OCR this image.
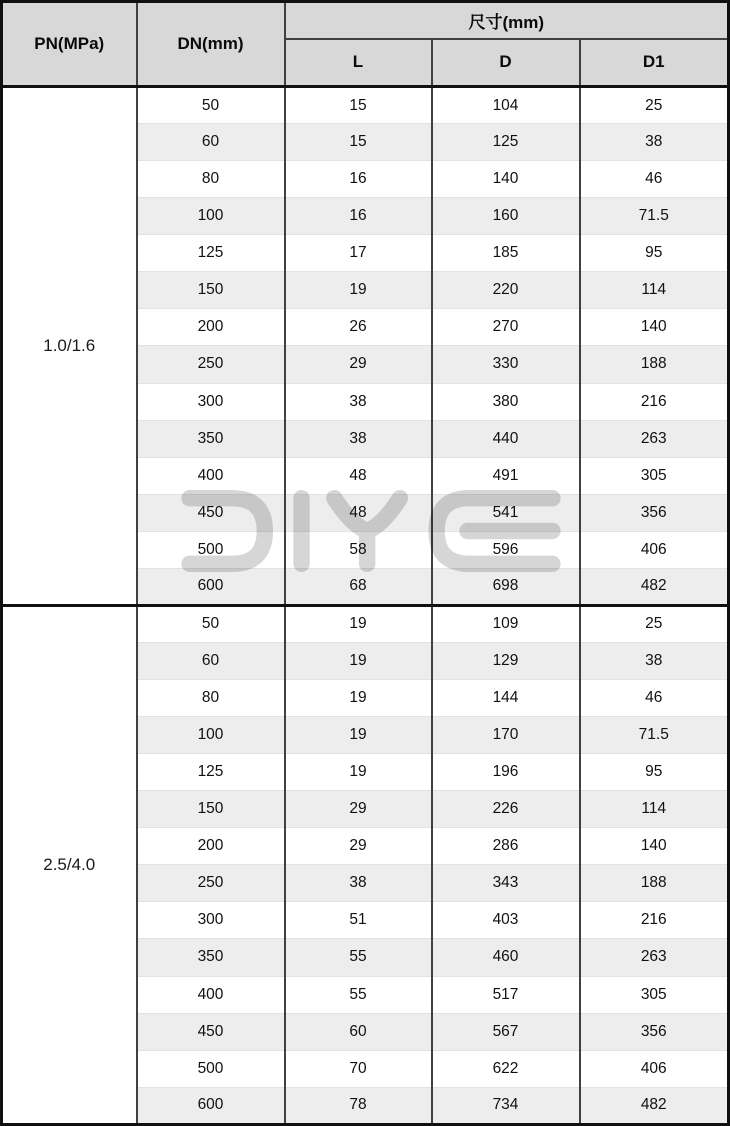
PN(MPa)	DN(mm)	尺寸(mm)		
		L	D	D1
1.0/1.6	50	15	104	25
	60	15	125	38
	80	16	140	46
	100	16	160	71.5
	125	17	185	95
	150	19	220	114
	200	26	270	140
	250	29	330	188
	300	38	380	216
	350	38	440	263
	400	48	491	305
	450	48	541	356
	500	58	596	406
	600	68	698	482
2.5/4.0	50	19	109	25
	60	19	129	38
	80	19	144	46
	100	19	170	71.5
	125	19	196	95
	150	29	226	114
	200	29	286	140
	250	38	343	188
	300	51	403	216
	350	55	460	263
	400	55	517	305
	450	60	567	356
	500	70	622	406
	600	78	734	482
